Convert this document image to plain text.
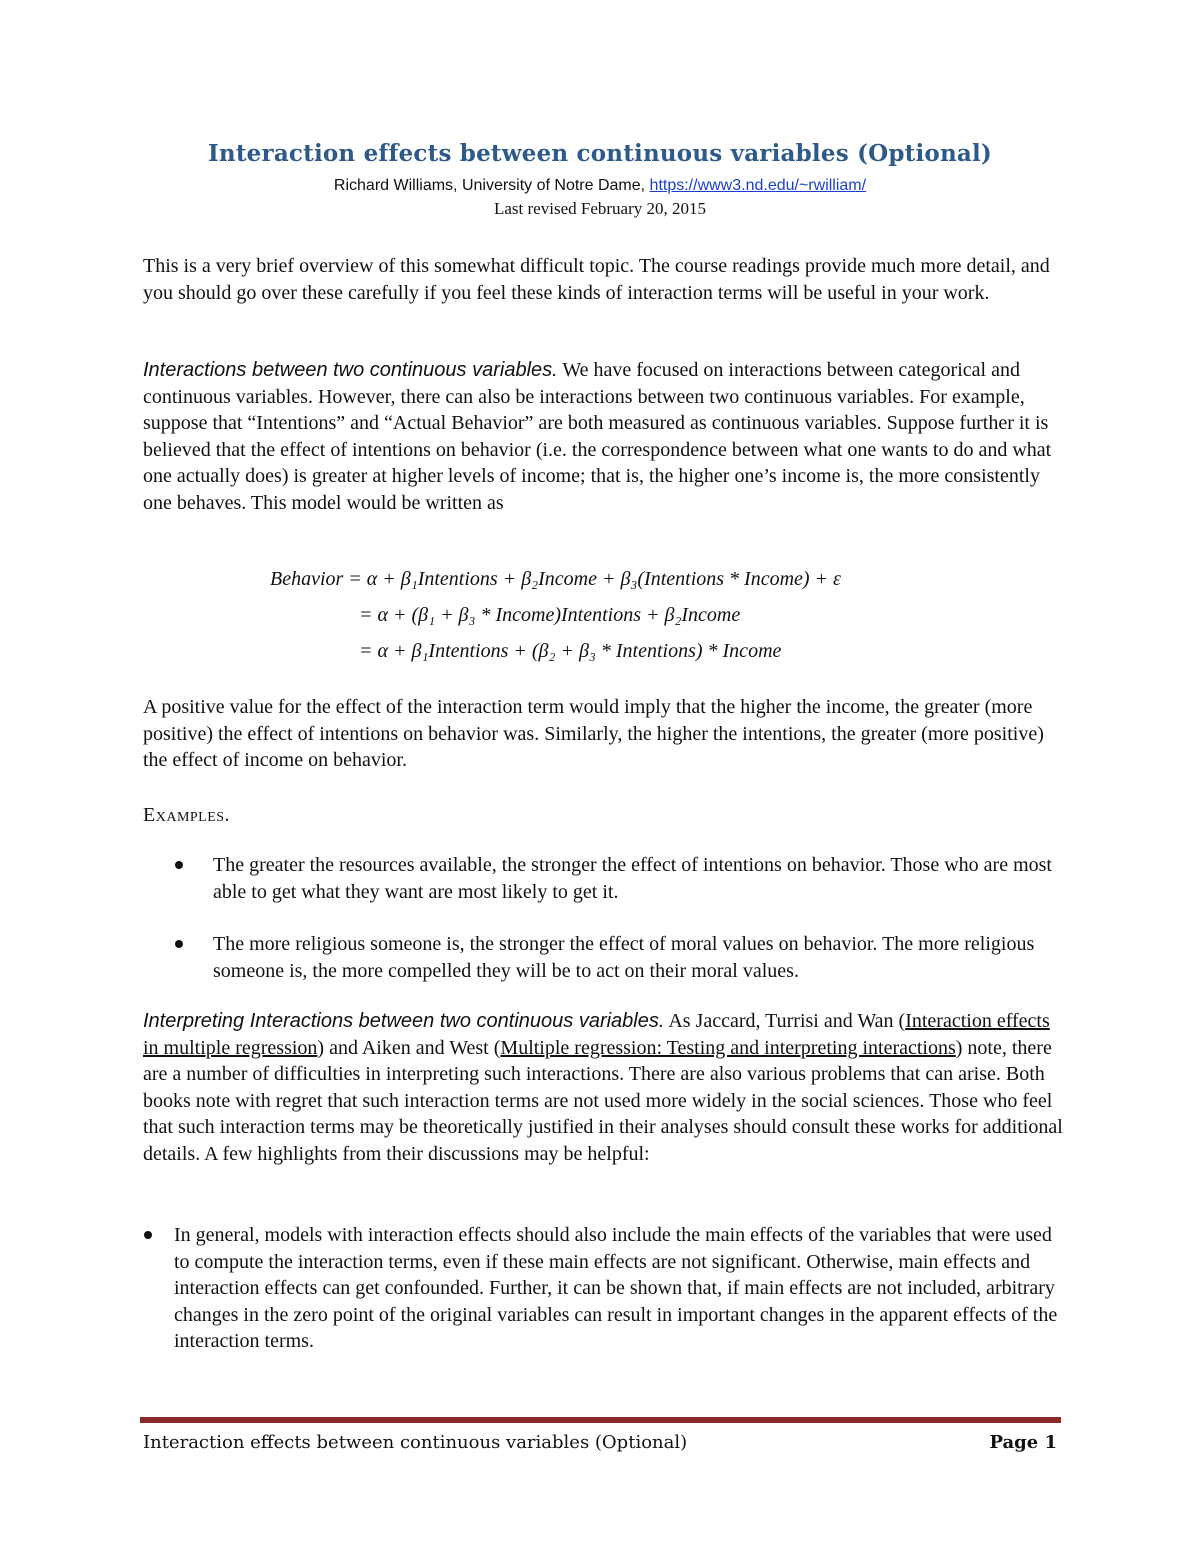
Interaction effects between continuous variables (Optional)
Richard Williams, University of Notre Dame, https://www3.nd.edu/~rwilliam/
Last revised February 20, 2015

This is a very brief overview of this somewhat difficult topic. The course readings provide much more detail, and you should go over these carefully if you feel these kinds of interaction terms will be useful in your work.

Interactions between two continuous variables. We have focused on interactions between categorical and continuous variables. However, there can also be interactions between two continuous variables. For example, suppose that “Intentions” and “Actual Behavior” are both measured as continuous variables. Suppose further it is believed that the effect of intentions on behavior (i.e. the correspondence between what one wants to do and what one actually does) is greater at higher levels of income; that is, the higher one’s income is, the more consistently one behaves. This model would be written as

Behavior = α + β₁Intentions + β₂Income + β₃(Intentions * Income) + ε
= α + (β₁ + β₃ * Income)Intentions + β₂Income
= α + β₁Intentions + (β₂ + β₃ * Intentions) * Income

A positive value for the effect of the interaction term would imply that the higher the income, the greater (more positive) the effect of intentions on behavior was. Similarly, the higher the intentions, the greater (more positive) the effect of income on behavior.

Examples.
The greater the resources available, the stronger the effect of intentions on behavior. Those who are most able to get what they want are most likely to get it.
The more religious someone is, the stronger the effect of moral values on behavior. The more religious someone is, the more compelled they will be to act on their moral values.

Interpreting Interactions between two continuous variables. As Jaccard, Turrisi and Wan (Interaction effects in multiple regression) and Aiken and West (Multiple regression: Testing and interpreting interactions) note, there are a number of difficulties in interpreting such interactions. There are also various problems that can arise. Both books note with regret that such interaction terms are not used more widely in the social sciences. Those who feel that such interaction terms may be theoretically justified in their analyses should consult these works for additional details. A few highlights from their discussions may be helpful:

In general, models with interaction effects should also include the main effects of the variables that were used to compute the interaction terms, even if these main effects are not significant. Otherwise, main effects and interaction effects can get confounded. Further, it can be shown that, if main effects are not included, arbitrary changes in the zero point of the original variables can result in important changes in the apparent effects of the interaction terms.
Interaction effects between continuous variables (Optional)	Page 1
